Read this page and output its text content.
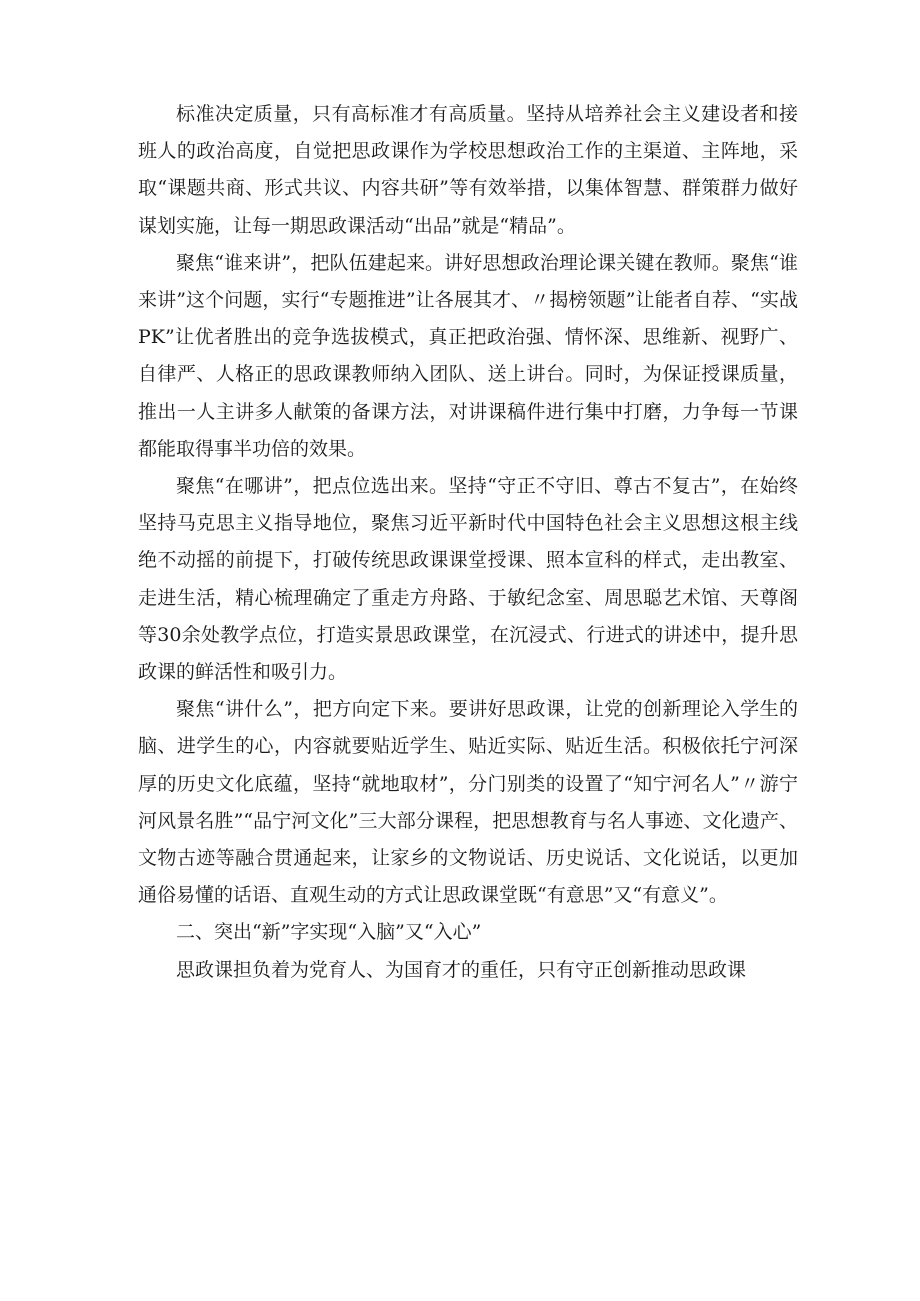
标准决定质量，只有高标准才有高质量。坚持从培养社会主义建设者和接班人的政治高度，自觉把思政课作为学校思想政治工作的主渠道、主阵地，采取“课题共商、形式共议、内容共研”等有效举措，以集体智慧、群策群力做好谋划实施，让每一期思政课活动“出品”就是“精品”。

聚焦“谁来讲”，把队伍建起来。讲好思想政治理论课关键在教师。聚焦“谁来讲”这个问题，实行“专题推进”让各展其才、〃揭榜领题”让能者自荐、“实战PK”让优者胜出的竞争选拔模式，真正把政治强、情怀深、思维新、视野广、自律严、人格正的思政课教师纳入团队、送上讲台。同时，为保证授课质量，推出一人主讲多人献策的备课方法，对讲课稿件进行集中打磨，力争每一节课都能取得事半功倍的效果。

聚焦“在哪讲”，把点位选出来。坚持“守正不守旧、尊古不复古”，在始终坚持马克思主义指导地位，聚焦习近平新时代中国特色社会主义思想这根主线绝不动摇的前提下，打破传统思政课课堂授课、照本宣科的样式，走出教室、走进生活，精心梳理确定了重走方舟路、于敏纪念室、周思聪艺术馆、天尊阁等30余处教学点位，打造实景思政课堂，在沉浸式、行进式的讲述中，提升思政课的鲜活性和吸引力。

聚焦“讲什么”，把方向定下来。要讲好思政课，让党的创新理论入学生的脑、进学生的心，内容就要贴近学生、贴近实际、贴近生活。积极依托宁河深厚的历史文化底蕴，坚持“就地取材”，分门别类的设置了“知宁河名人”〃游宁河风景名胜”“品宁河文化”三大部分课程，把思想教育与名人事迹、文化遗产、文物古迹等融合贯通起来，让家乡的文物说话、历史说话、文化说话，以更加通俗易懂的话语、直观生动的方式让思政课堂既“有意思”又“有意义”。

二、突出“新”字实现“入脑”又“入心”

思政课担负着为党育人、为国育才的重任，只有守正创新推动思政课
